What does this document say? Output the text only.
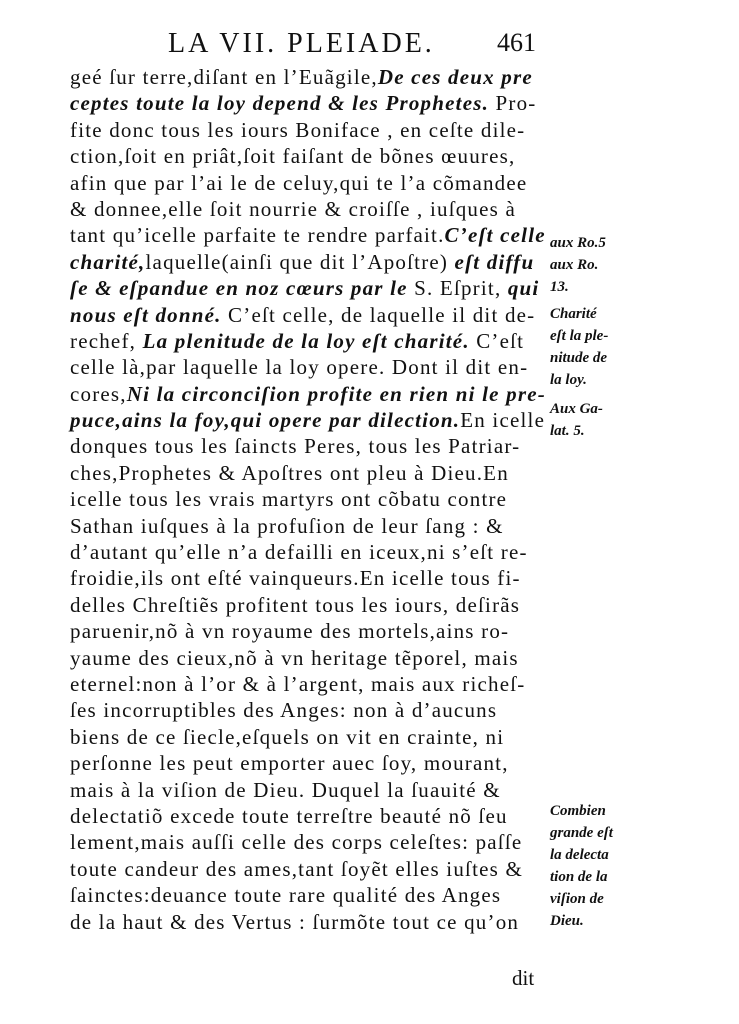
LA VII. PLEIADE. 461
geé ſur terre,diſant en l’Euãgile,De ces deux pre
ceptes toute la loy depend & les Prophetes. Pro-
fite donc tous les iours Boniface , en ceſte dile-
ction,ſoit en priât,ſoit faiſant de bõnes œuures,
afin que par l’ai le de celuy,qui te l’a cõmandee
& donnee,elle ſoit nourrie & croiſſe , iuſques à
tant qu’icelle parfaite te rendre parfait.C’eſt celle
charité,laquelle(ainſi que dit l’Apoſtre) eſt diffu
ſe & eſpandue en noz cœurs par le S. Eſprit, qui
nous eſt donné. C’eſt celle, de laquelle il dit de-
rechef, La plenitude de la loy eſt charité. C’eſt
celle là,par laquelle la loy opere. Dont il dit en-
cores,Ni la circonciſion profite en rien ni le pre-
puce,ains la foy,qui opere par dilection.En icelle
donques tous les ſaincts Peres, tous les Patriar-
ches,Prophetes & Apoſtres ont pleu à Dieu.En
icelle tous les vrais martyrs ont cõbatu contre
Sathan iuſques à la profuſion de leur ſang : &
d’autant qu’elle n’a defailli en iceux,ni s’eſt re-
froidie,ils ont eſté vainqueurs.En icelle tous fi-
delles Chreſtiẽs profitent tous les iours, deſirãs
paruenir,nõ à vn royaume des mortels,ains ro-
yaume des cieux,nõ à vn heritage tẽporel, mais
eternel:non à l’or & à l’argent, mais aux richeſ-
ſes incorruptibles des Anges: non à d’aucuns
biens de ce ſiecle,eſquels on vit en crainte, ni
perſonne les peut emporter auec ſoy, mourant,
mais à la viſion de Dieu. Duquel la ſuauité &
delectatiõ excede toute terreſtre beauté nõ ſeu
lement,mais auſſi celle des corps celeſtes: paſſe
toute candeur des ames,tant ſoyẽt elles iuſtes &
ſainctes:deuance toute rare qualité des Anges
de la haut & des Vertus : ſurmõte tout ce qu’on
aux Ro.5
aux Ro.
13.
Charité
eſt la ple-
nitude de
la loy.
Aux Ga-
lat. 5.
Combien
grande eſt
la delecta
tion de la
viſion de
Dieu.
dit
